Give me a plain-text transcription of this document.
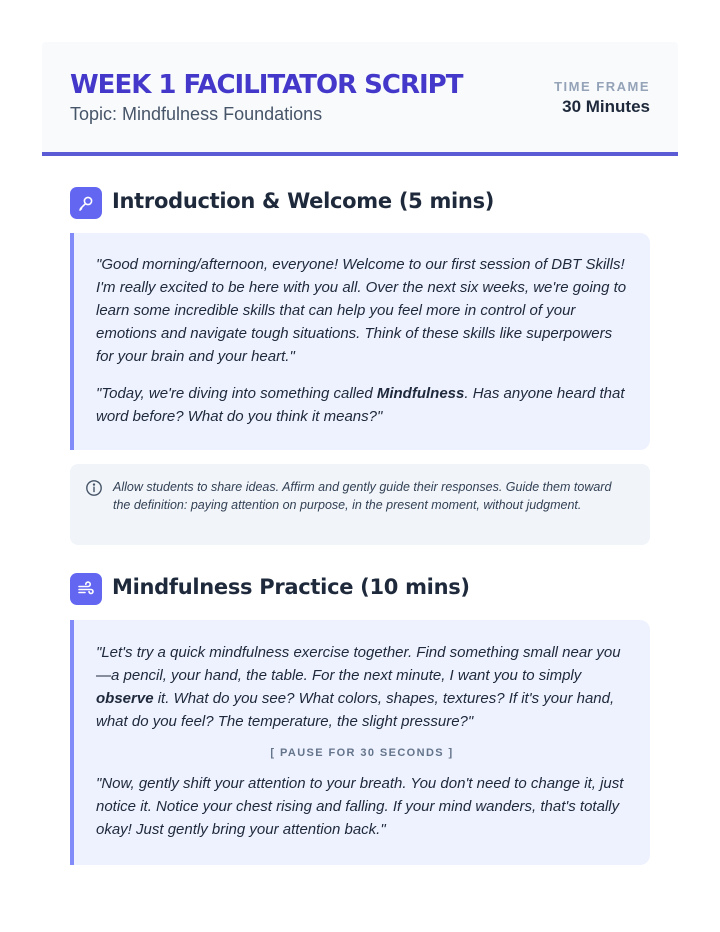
WEEK 1 FACILITATOR SCRIPT
Topic: Mindfulness Foundations
TIME FRAME
30 Minutes
Introduction & Welcome (5 mins)

"Good morning/afternoon, everyone! Welcome to our first session of DBT Skills! I'm really excited to be here with you all. Over the next six weeks, we're going to learn some incredible skills that can help you feel more in control of your emotions and navigate tough situations. Think of these skills like superpowers for your brain and your heart."

"Today, we're diving into something called Mindfulness. Has anyone heard that word before? What do you think it means?"

Allow students to share ideas. Affirm and gently guide their responses. Guide them toward the definition: paying attention on purpose, in the present moment, without judgment.
Mindfulness Practice (10 mins)

"Let's try a quick mindfulness exercise together. Find something small near you—a pencil, your hand, the table. For the next minute, I want you to simply observe it. What do you see? What colors, shapes, textures? If it's your hand, what do you feel? The temperature, the slight pressure?"

[ PAUSE FOR 30 SECONDS ]

"Now, gently shift your attention to your breath. You don't need to change it, just notice it. Notice your chest rising and falling. If your mind wanders, that's totally okay! Just gently bring your attention back."
